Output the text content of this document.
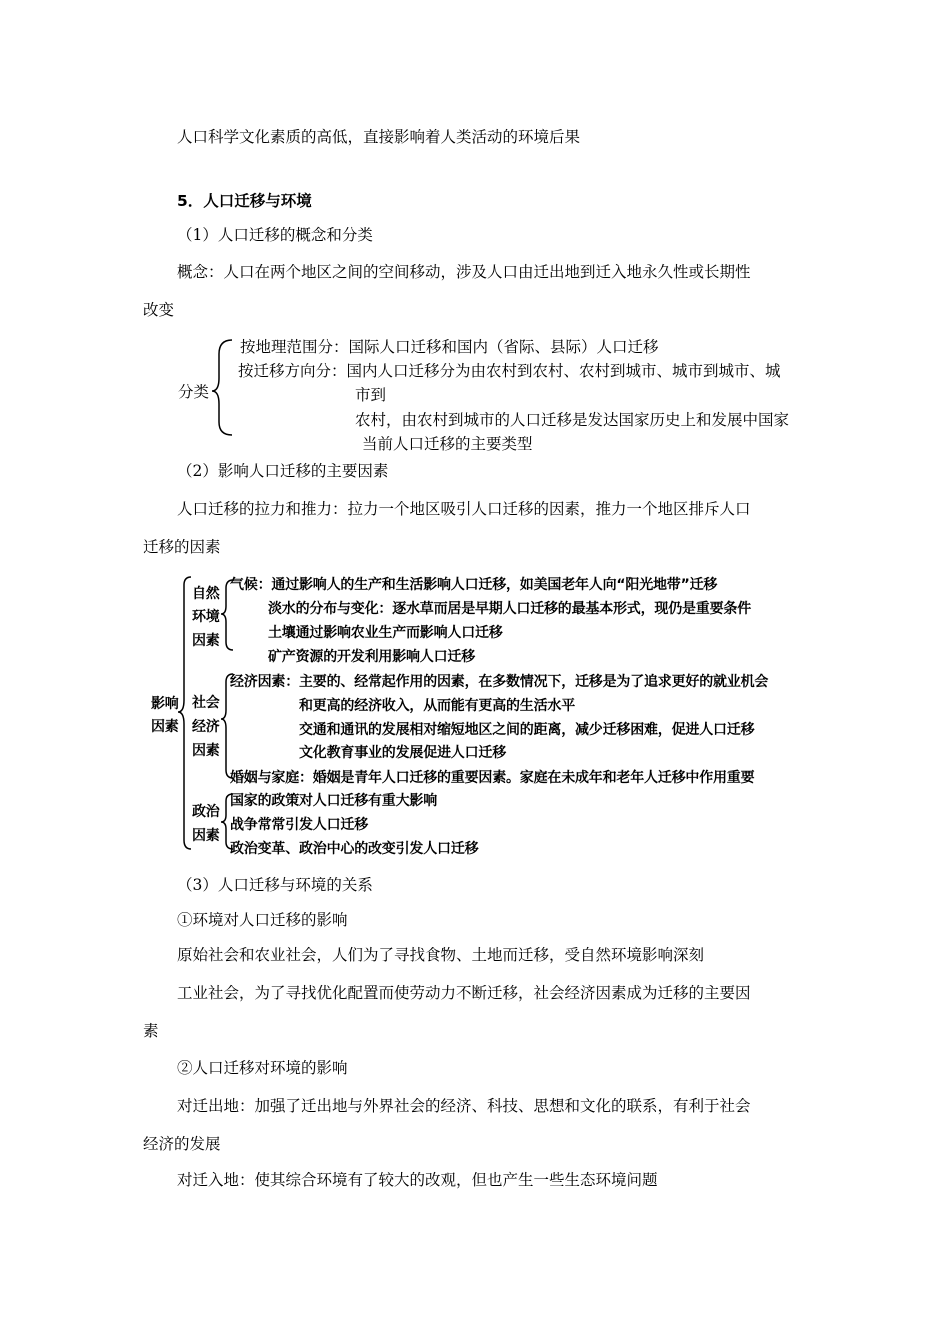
人口科学文化素质的高低，直接影响着人类活动的环境后果
5．人口迁移与环境
（1）人口迁移的概念和分类
概念：人口在两个地区之间的空间移动，涉及人口由迁出地到迁入地永久性或长期性
改变
分类
按地理范围分：国际人口迁移和国内（省际、县际）人口迁移
按迁移方向分：国内人口迁移分为由农村到农村、农村到城市、城市到城市、城
市到
农村，由农村到城市的人口迁移是发达国家历史上和发展中国家
当前人口迁移的主要类型
（2）影响人口迁移的主要因素
人口迁移的拉力和推力：拉力一个地区吸引人口迁移的因素，推力一个地区排斥人口
迁移的因素
影响
因素
自然
环境
因素
气候：通过影响人的生产和生活影响人口迁移，如美国老年人向“阳光地带”迁移
淡水的分布与变化：逐水草而居是早期人口迁移的最基本形式，现仍是重要条件
土壤通过影响农业生产而影响人口迁移
矿产资源的开发利用影响人口迁移
社会
经济
因素
经济因素：主要的、经常起作用的因素，在多数情况下，迁移是为了追求更好的就业机会
和更高的经济收入，从而能有更高的生活水平
交通和通讯的发展相对缩短地区之间的距离，减少迁移困难，促进人口迁移
文化教育事业的发展促进人口迁移
婚姻与家庭：婚姻是青年人口迁移的重要因素。家庭在未成年和老年人迁移中作用重要
政治
因素
国家的政策对人口迁移有重大影响
战争常常引发人口迁移
政治变革、政治中心的改变引发人口迁移
（3）人口迁移与环境的关系
①环境对人口迁移的影响
原始社会和农业社会，人们为了寻找食物、土地而迁移，受自然环境影响深刻
工业社会，为了寻找优化配置而使劳动力不断迁移，社会经济因素成为迁移的主要因
素
②人口迁移对环境的影响
对迁出地：加强了迁出地与外界社会的经济、科技、思想和文化的联系，有利于社会
经济的发展
对迁入地：使其综合环境有了较大的改观，但也产生一些生态环境问题
